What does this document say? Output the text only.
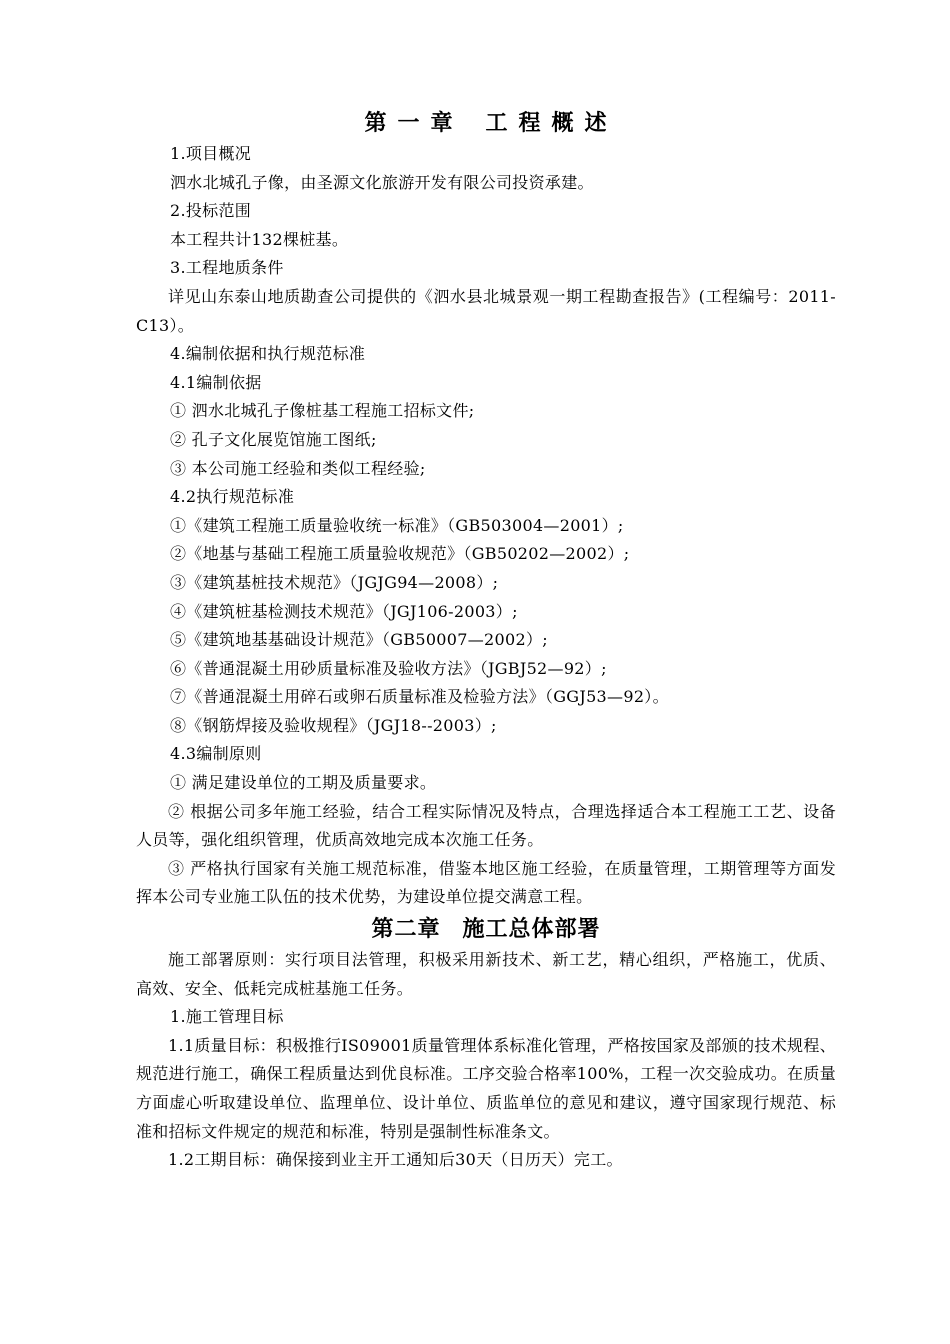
第 一 章 工 程 概 述

1.项目概况

泗水北城孔子像，由圣源文化旅游开发有限公司投资承建。

2.投标范围

本工程共计132棵桩基。

3.工程地质条件

详见山东泰山地质勘查公司提供的《泗水县北城景观一期工程勘查报告》(工程编号：2011-C13）。

4.编制依据和执行规范标准

4.1编制依据

① 泗水北城孔子像桩基工程施工招标文件;

② 孔子文化展览馆施工图纸;

③ 本公司施工经验和类似工程经验;

4.2执行规范标准

①《建筑工程施工质量验收统一标准》（GB503004—2001）;

②《地基与基础工程施工质量验收规范》（GB50202—2002）;

③《建筑基桩技术规范》（JGJG94—2008）;

④《建筑桩基检测技术规范》（JGJ106-2003）;

⑤《建筑地基基础设计规范》（GB50007—2002）;

⑥《普通混凝土用砂质量标准及验收方法》（JGBJ52—92）;

⑦《普通混凝土用碎石或卵石质量标准及检验方法》（GGJ53—92）。

⑧《钢筋焊接及验收规程》（JGJ18--2003）;

4.3编制原则

① 满足建设单位的工期及质量要求。

② 根据公司多年施工经验，结合工程实际情况及特点，合理选择适合本工程施工工艺、设备人员等，强化组织管理，优质高效地完成本次施工任务。

③ 严格执行国家有关施工规范标准，借鉴本地区施工经验，在质量管理，工期管理等方面发挥本公司专业施工队伍的技术优势，为建设单位提交满意工程。

第二章 施工总体部署

施工部署原则：实行项目法管理，积极采用新技术、新工艺，精心组织，严格施工，优质、高效、安全、低耗完成桩基施工任务。

1.施工管理目标

1.1质量目标：积极推行IS09001质量管理体系标准化管理，严格按国家及部颁的技术规程、规范进行施工，确保工程质量达到优良标准。工序交验合格率100%，工程一次交验成功。在质量方面虚心听取建设单位、监理单位、设计单位、质监单位的意见和建议，遵守国家现行规范、标准和招标文件规定的规范和标准，特别是强制性标准条文。

1.2工期目标：确保接到业主开工通知后30天（日历天）完工。
